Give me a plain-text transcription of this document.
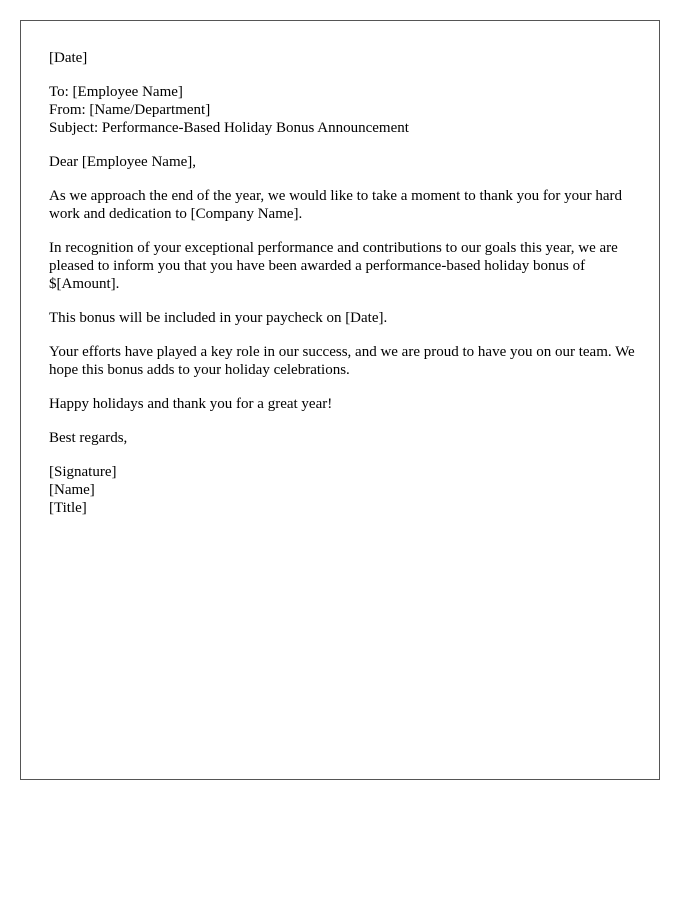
[Date]
To: [Employee Name]
From: [Name/Department]
Subject: Performance-Based Holiday Bonus Announcement

Dear [Employee Name],

As we approach the end of the year, we would like to take a moment to thank you for your hard work and dedication to [Company Name].

In recognition of your exceptional performance and contributions to our goals this year, we are pleased to inform you that you have been awarded a performance-based holiday bonus of $[Amount].

This bonus will be included in your paycheck on [Date].

Your efforts have played a key role in our success, and we are proud to have you on our team. We hope this bonus adds to your holiday celebrations.

Happy holidays and thank you for a great year!

Best regards,

[Signature]
[Name]
[Title]
